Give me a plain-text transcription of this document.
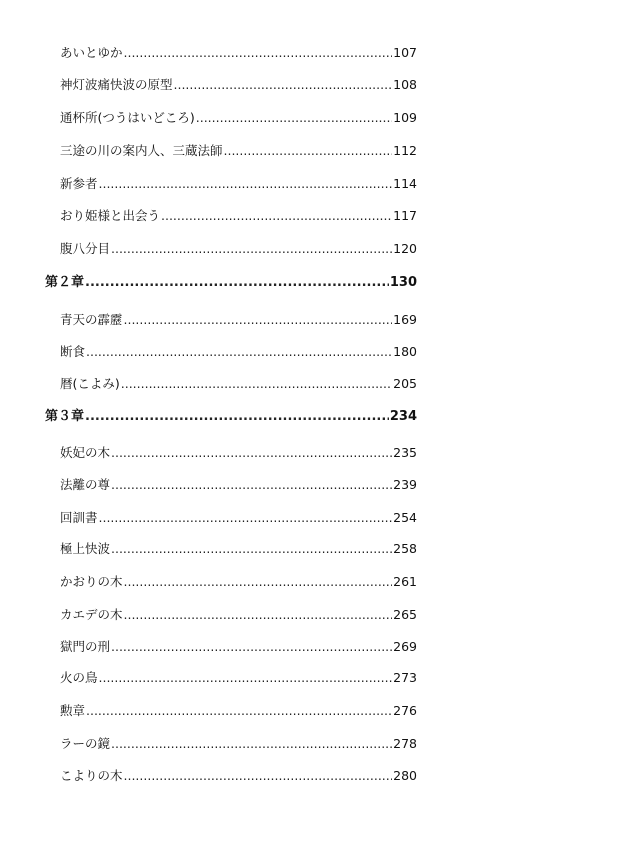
あいとゆか .....	107
神灯波痛快波の原型 .....	108
通杯所(つうはいどころ) .....	109
三途の川の案内人、三蔵法師 .....	112
新参者 .....	114
おり姫様と出会う .....	117
腹八分目 .....	120
第２章 .....	130
青天の霹靂 .....	169
断食 .....	180
暦(こよみ) .....	205
第３章 .....	234
妖妃の木 .....	235
法離の尊 .....	239
回訓書 .....	254
極上快波 .....	258
かおりの木 .....	261
カエデの木 .....	265
獄門の刑 .....	269
火の鳥 .....	273
勲章 .....	276
ラーの鏡 .....	278
こよりの木 .....	280
